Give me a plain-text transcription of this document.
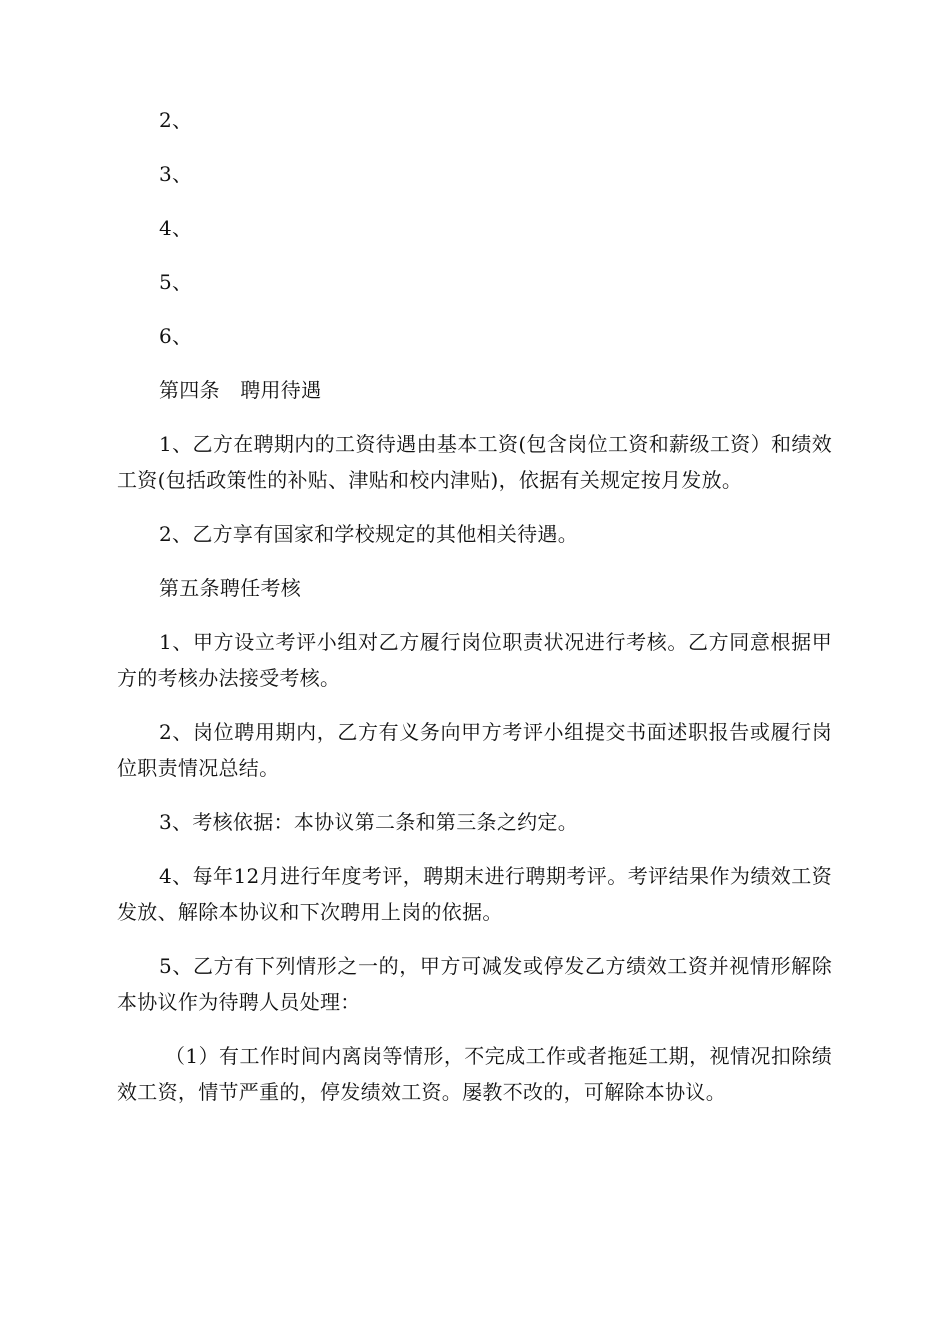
2、

3、

4、

5、

6、

第四条　聘用待遇

1、乙方在聘期内的工资待遇由基本工资(包含岗位工资和薪级工资）和绩效工资(包括政策性的补贴、津贴和校内津贴)，依据有关规定按月发放。

2、乙方享有国家和学校规定的其他相关待遇。

第五条聘任考核

1、甲方设立考评小组对乙方履行岗位职责状况进行考核。乙方同意根据甲方的考核办法接受考核。

2、岗位聘用期内，乙方有义务向甲方考评小组提交书面述职报告或履行岗位职责情况总结。

3、考核依据：本协议第二条和第三条之约定。

4、每年12月进行年度考评，聘期末进行聘期考评。考评结果作为绩效工资发放、解除本协议和下次聘用上岗的依据。

5、乙方有下列情形之一的，甲方可减发或停发乙方绩效工资并视情形解除本协议作为待聘人员处理：

（1）有工作时间内离岗等情形，不完成工作或者拖延工期，视情况扣除绩效工资，情节严重的，停发绩效工资。屡教不改的，可解除本协议。
